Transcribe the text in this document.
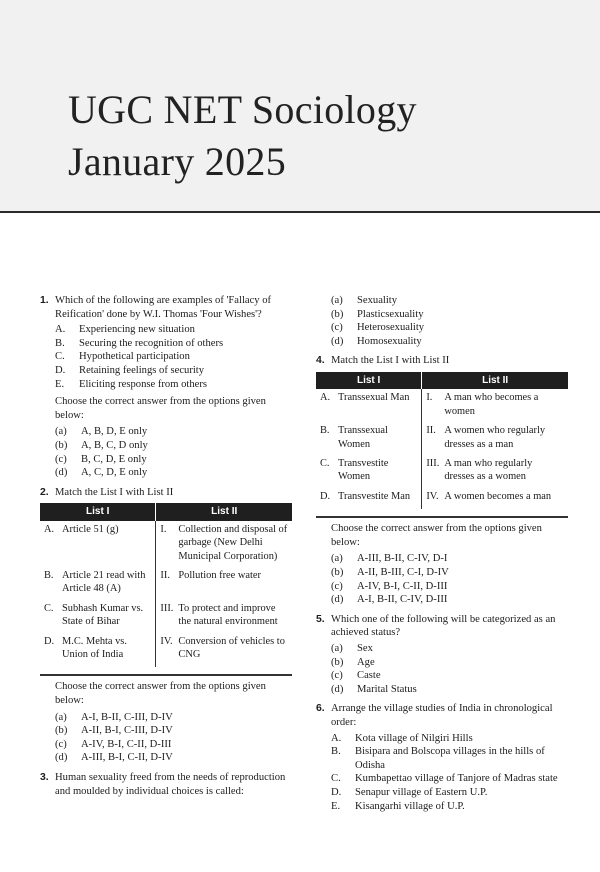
UGC NET Sociology
January 2025
1. Which of the following are examples of 'Fallacy of Reification' done by W.I. Thomas 'Four Wishes'?
A.	Experiencing new situation
B.	Securing the recognition of others
C.	Hypothetical participation
D.	Retaining feelings of security
E.	Eliciting response from others
Choose the correct answer from the options given below:
(a)	A, B, D, E only
(b)	A, B, C, D only
(c)	B, C, D, E only
(d)	A, C, D, E only
2. Match the List I with List II
List I	List II

A. Article 51 (g)	I. Collection and disposal of garbage (New Delhi Municipal Corporation)

B. Article 21 read with Article 48 (A)	II. Pollution free water

C. Subhash Kumar vs. State of Bihar	III. To protect and improve the natural environment

D. M.C. Mehta vs. Union of India	IV. Conversion of vehicles to CNG
Choose the correct answer from the options given below:
(a)	A-I, B-II, C-III, D-IV
(b)	A-II, B-I, C-III, D-IV
(c)	A-IV, B-I, C-II, D-III
(d)	A-III, B-I, C-II, D-IV
3. Human sexuality freed from the needs of reproduction and moulded by individual choices is called:
(a)	Sexuality
(b)	Plasticsexuality
(c)	Heterosexuality
(d)	Homosexuality
4. Match the List I with List II
List I	List II

A. Transsexual Man	I. A man who becomes a women

B. Transsexual Women	II. A women who regularly dresses as a man

C. Transvestite Women	III. A man who regularly dresses as a women

D. Transvestite Man	IV. A women becomes a man
Choose the correct answer from the options given below:
(a)	A-III, B-II, C-IV, D-I
(b)	A-II, B-III, C-I, D-IV
(c)	A-IV, B-I, C-II, D-III
(d)	A-I, B-II, C-IV, D-III
5. Which one of the following will be categorized as an achieved status?
(a)	Sex
(b)	Age
(c)	Caste
(d)	Marital Status
6. Arrange the village studies of India in chronological order:
A.	Kota village of Nilgiri Hills
B.	Bisipara and Bolscopa villages in the hills of Odisha
C.	Kumbapettao village of Tanjore of Madras state
D.	Senapur village of Eastern U.P.
E.	Kisangarhi village of U.P.
